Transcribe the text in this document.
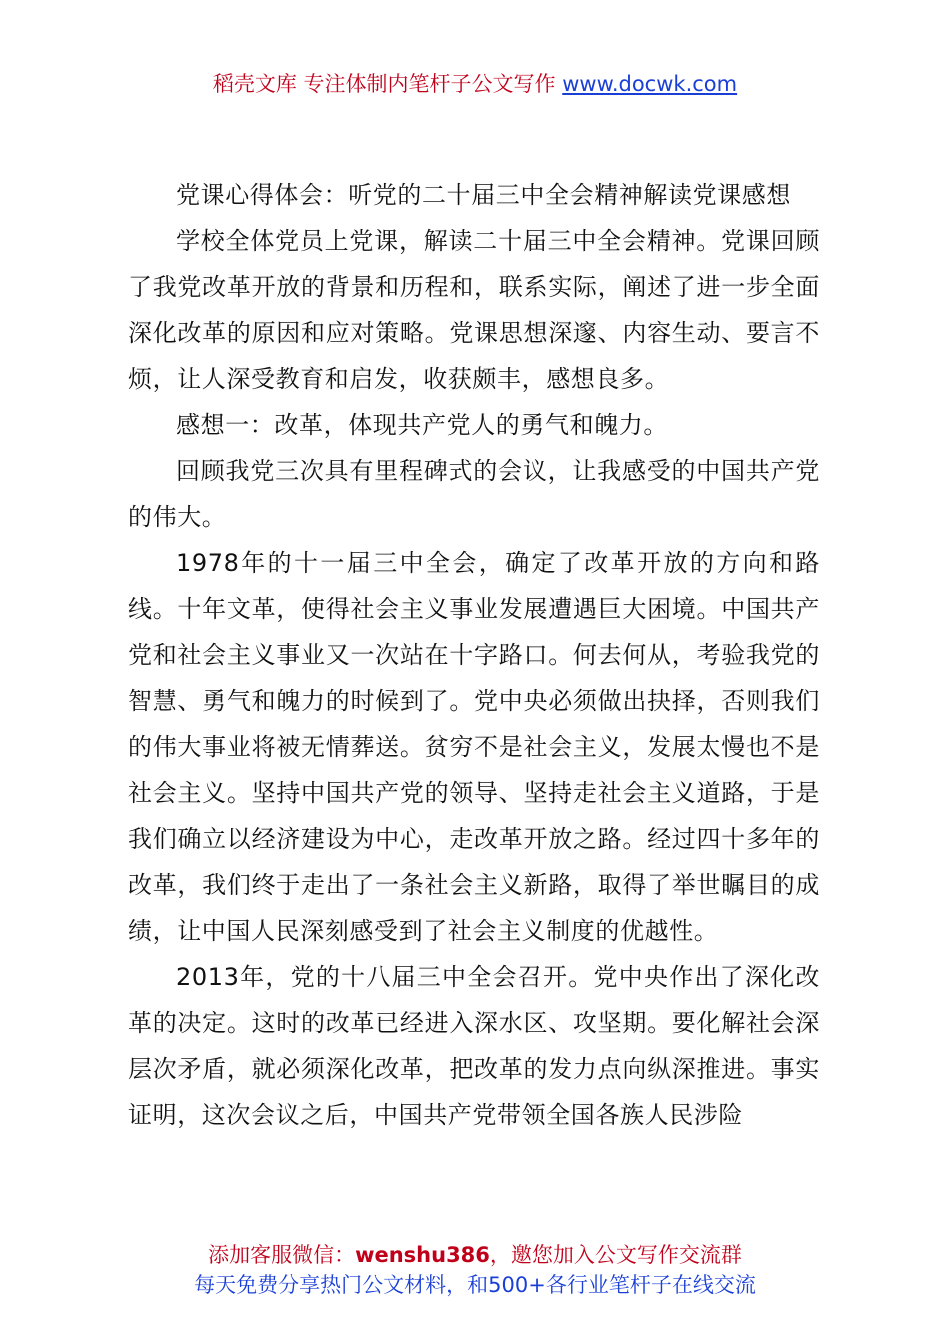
稻壳文库 专注体制内笔杆子公文写作 www.docwk.com

党课心得体会：听党的二十届三中全会精神解读党课感想

学校全体党员上党课，解读二十届三中全会精神。党课回顾了我党改革开放的背景和历程和，联系实际，阐述了进一步全面深化改革的原因和应对策略。党课思想深邃、内容生动、要言不烦，让人深受教育和启发，收获颇丰，感想良多。

感想一：改革，体现共产党人的勇气和魄力。

回顾我党三次具有里程碑式的会议，让我感受的中国共产党的伟大。

1978年的十一届三中全会，确定了改革开放的方向和路线。十年文革，使得社会主义事业发展遭遇巨大困境。中国共产党和社会主义事业又一次站在十字路口。何去何从，考验我党的智慧、勇气和魄力的时候到了。党中央必须做出抉择，否则我们的伟大事业将被无情葬送。贫穷不是社会主义，发展太慢也不是社会主义。坚持中国共产党的领导、坚持走社会主义道路，于是我们确立以经济建设为中心，走改革开放之路。经过四十多年的改革，我们终于走出了一条社会主义新路，取得了举世瞩目的成绩，让中国人民深刻感受到了社会主义制度的优越性。

2013年，党的十八届三中全会召开。党中央作出了深化改革的决定。这时的改革已经进入深水区、攻坚期。要化解社会深层次矛盾，就必须深化改革，把改革的发力点向纵深推进。事实证明，这次会议之后，中国共产党带领全国各族人民涉险

添加客服微信：wenshu386，邀您加入公文写作交流群
每天免费分享热门公文材料，和500+各行业笔杆子在线交流
